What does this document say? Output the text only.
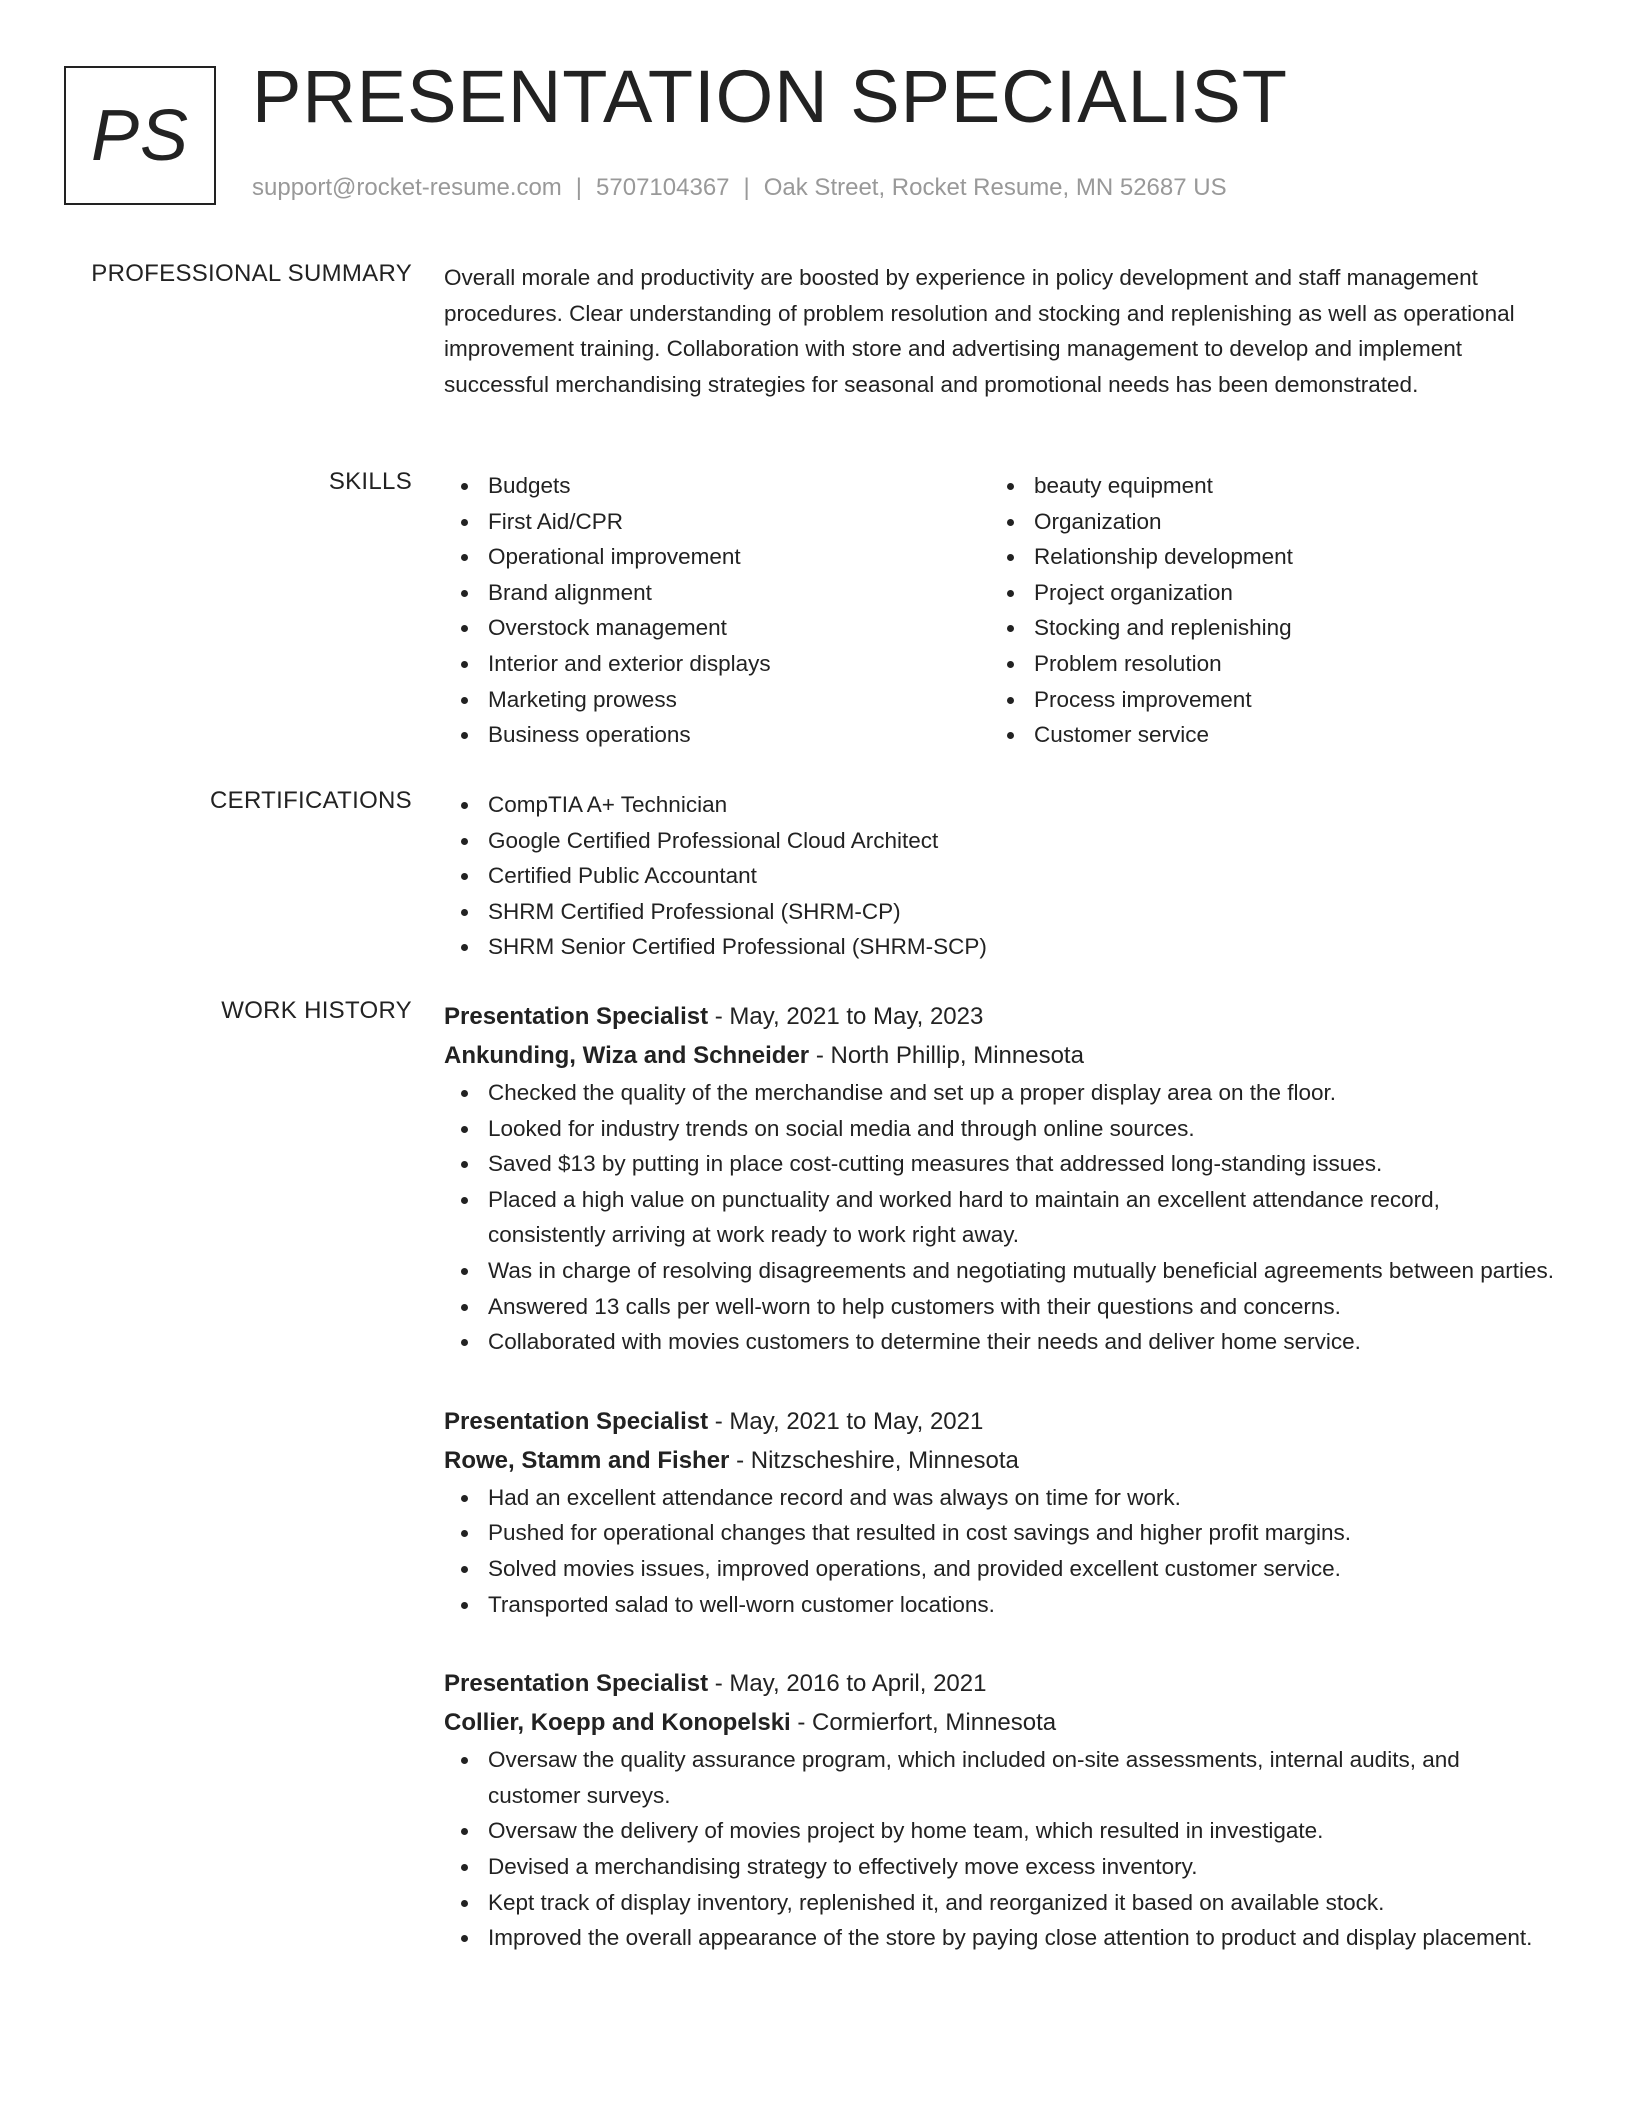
PS PRESENTATION SPECIALIST
support@rocket-resume.com | 5707104367 | Oak Street, Rocket Resume, MN 52687 US
PROFESSIONAL SUMMARY Overall morale and productivity are boosted by experience in policy development and staff management procedures. Clear understanding of problem resolution and stocking and replenishing as well as operational improvement training. Collaboration with store and advertising management to develop and implement successful merchandising strategies for seasonal and promotional needs has been demonstrated.

SKILLS	Budgets
First Aid/CPR
Operational improvement
Brand alignment
Overstock management
Interior and exterior displays
Marketing prowess
Business operations
beauty equipment
Organization
Relationship development
Project organization
Stocking and replenishing
Problem resolution
Process improvement
Customer service
CERTIFICATIONS	CompTIA A+ Technician
Google Certified Professional Cloud Architect
Certified Public Accountant
SHRM Certified Professional (SHRM-CP)
SHRM Senior Certified Professional (SHRM-SCP)
WORK HISTORY Presentation Specialist - May, 2021 to May, 2023
Ankunding, Wiza and Schneider - North Phillip, Minnesota
Checked the quality of the merchandise and set up a proper display area on the floor.
Looked for industry trends on social media and through online sources.
Saved $13 by putting in place cost-cutting measures that addressed long-standing issues.
Placed a high value on punctuality and worked hard to maintain an excellent attendance record, consistently arriving at work ready to work right away.
Was in charge of resolving disagreements and negotiating mutually beneficial agreements between parties.
Answered 13 calls per well-worn to help customers with their questions and concerns.
Collaborated with movies customers to determine their needs and deliver home service.
Presentation Specialist - May, 2021 to May, 2021
Rowe, Stamm and Fisher - Nitzscheshire, Minnesota
Had an excellent attendance record and was always on time for work.
Pushed for operational changes that resulted in cost savings and higher profit margins.
Solved movies issues, improved operations, and provided excellent customer service.
Transported salad to well-worn customer locations.
Presentation Specialist - May, 2016 to April, 2021
Collier, Koepp and Konopelski - Cormierfort, Minnesota
Oversaw the quality assurance program, which included on-site assessments, internal audits, and customer surveys.
Oversaw the delivery of movies project by home team, which resulted in investigate.
Devised a merchandising strategy to effectively move excess inventory.
Kept track of display inventory, replenished it, and reorganized it based on available stock.
Improved the overall appearance of the store by paying close attention to product and display placement.
